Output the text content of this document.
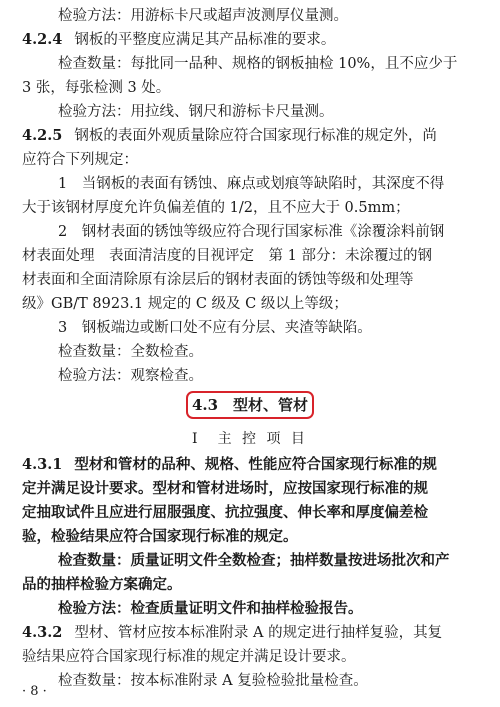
检验方法：用游标卡尺或超声波测厚仪量测。
4.2.4 钢板的平整度应满足其产品标准的要求。
检查数量：每批同一品种、规格的钢板抽检 10%，且不应少于
3 张，每张检测 3 处。
检验方法：用拉线、钢尺和游标卡尺量测。
4.2.5 钢板的表面外观质量除应符合国家现行标准的规定外，尚
应符合下列规定：
1　当钢板的表面有锈蚀、麻点或划痕等缺陷时，其深度不得
大于该钢材厚度允许负偏差值的 1/2，且不应大于 0.5mm；
2　钢材表面的锈蚀等级应符合现行国家标准《涂覆涂料前钢
材表面处理　表面清洁度的目视评定　第 1 部分：未涂覆过的钢
材表面和全面清除原有涂层后的钢材表面的锈蚀等级和处理等
级》GB/T 8923.1 规定的 C 级及 C 级以上等级；
3　钢板端边或断口处不应有分层、夹渣等缺陷。
检查数量：全数检查。
检验方法：观察检查。
4.3　型材、管材
Ⅰ　主 控 项 目
4.3.1 型材和管材的品种、规格、性能应符合国家现行标准的规
定并满足设计要求。型材和管材进场时，应按国家现行标准的规
定抽取试件且应进行屈服强度、抗拉强度、伸长率和厚度偏差检
验，检验结果应符合国家现行标准的规定。
检查数量：质量证明文件全数检查；抽样数量按进场批次和产
品的抽样检验方案确定。
检验方法：检查质量证明文件和抽样检验报告。
4.3.2 型材、管材应按本标准附录 A 的规定进行抽样复验，其复
验结果应符合国家现行标准的规定并满足设计要求。
检查数量：按本标准附录 A 复验检验批量检查。
· 8 ·
